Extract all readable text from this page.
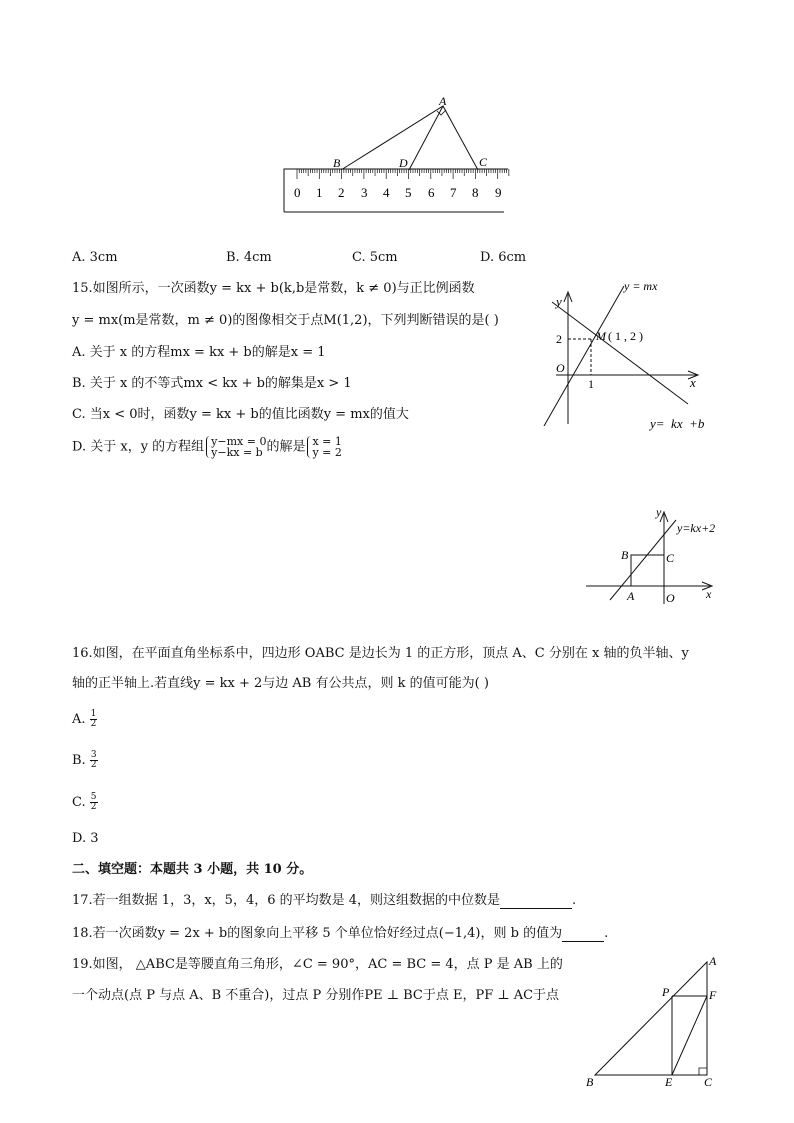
A
B	D	C
0 1 2 3 4 5 6 7 8 9
A. 3cm	B. 4cm	C. 5cm	D. 6cm
15.如图所示，一次函数y = kx + b(k,b是常数，k ≠ 0)与正比例函数
y = mx(m是常数，m ≠ 0)的图像相交于点M(1,2)，下列判断错误的是( )
A. 关于 x 的方程mx = kx + b的解是x = 1
B. 关于 x 的不等式mx < kx + b的解集是x > 1
C. 当x < 0时，函数y = kx + b的值比函数y = mx的值大
D. 关于 x，y 的方程组 y−mx = 0
y−kx = b 的解是 x = 1
y = 2
y
x
O
2
1
M ( 1 , 2 )
y = mx
y=  kx  +b
y
x
y=kx+2
B	C
A	O
16.如图，在平面直角坐标系中，四边形 OABC 是边长为 1 的正方形，顶点 A、C 分别在 x 轴的负半轴、y
轴的正半轴上.若直线y = kx + 2与边 AB 有公共点，则 k 的值可能为( )
A. $\frac{1}{2}$
B. $\frac{3}{2}$
C. $\frac{5}{2}$
D. 3
二、填空题：本题共 3 小题，共 10 分。
17.若一组数据 1，3，x，5，4，6 的平均数是 4，则这组数据的中位数是	.
18.若一次函数y = 2x + b的图象向上平移 5 个单位恰好经过点(−1,4)，则 b 的值为	.
19.如图， △ABC是等腰直角三角形，∠C = 90°，AC = BC = 4，点 P 是 AB 上的
一个动点(点 P 与点 A、B 不重合)，过点 P 分别作PE ⊥ BC于点 E，PF ⊥ AC于点
A
P	F
B	E	C
